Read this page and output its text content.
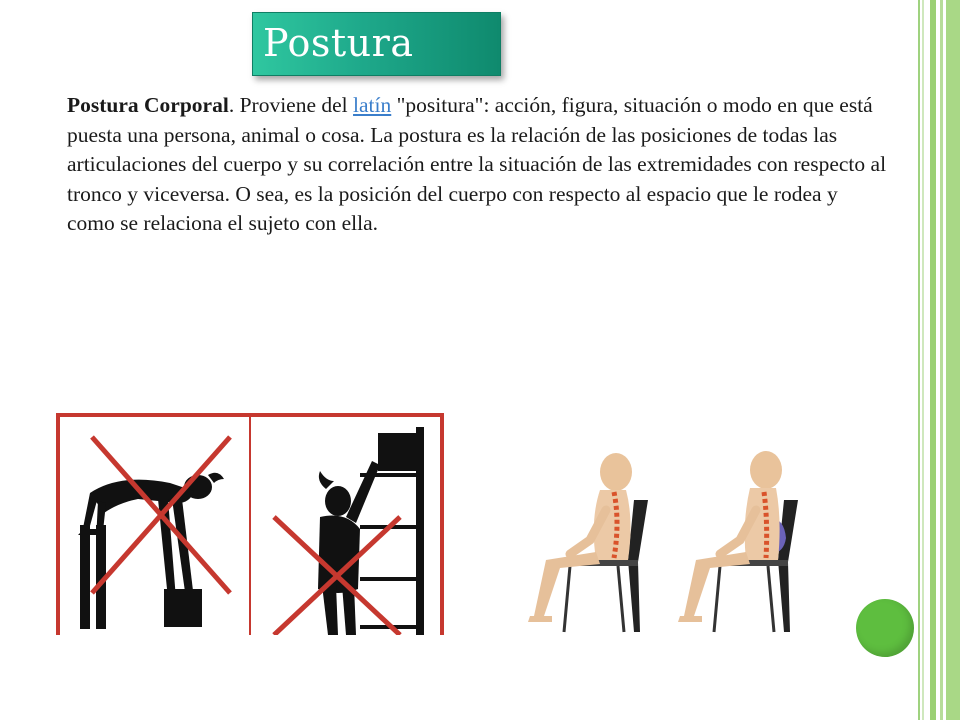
Postura
Postura Corporal. Proviene del latín "positura": acción, figura, situación o modo en que está puesta una persona, animal o cosa. La postura es la relación de las posiciones de todas las articulaciones del cuerpo y su correlación entre la situación de las extremidades con respecto al tronco y viceversa. O sea, es la posición del cuerpo con respecto al espacio que le rodea y como se relaciona el sujeto con ella.
